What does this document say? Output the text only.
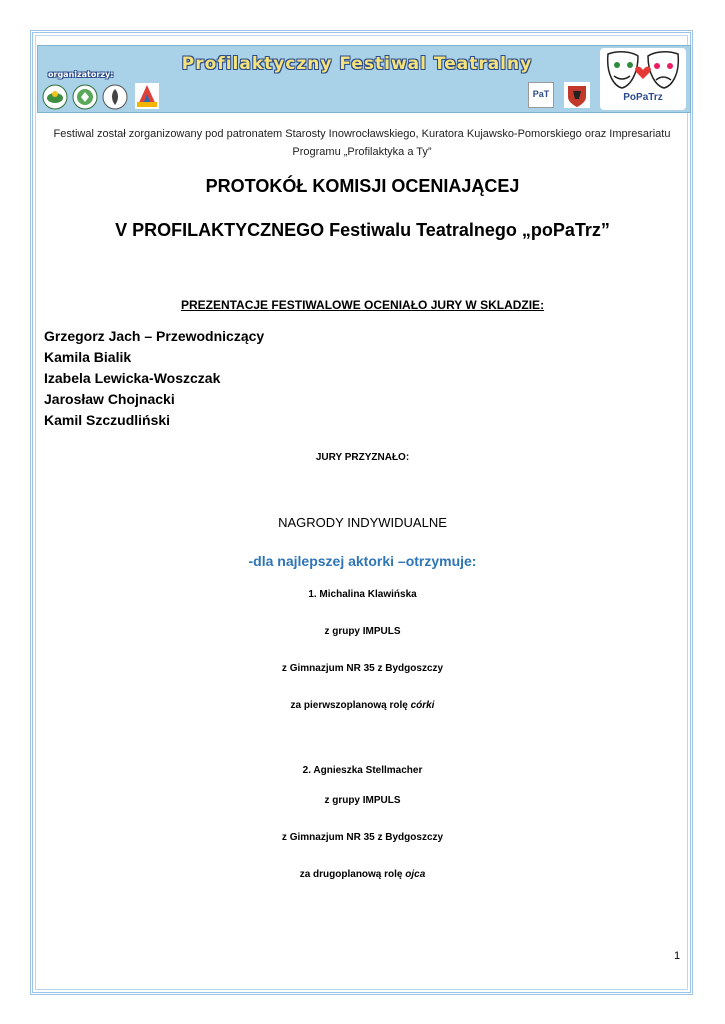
Profilaktyczny Festiwal Teatralny
organizatorzy:
PaT	PoPaTrz
Festiwal został zorganizowany pod patronatem Starosty Inowrocławskiego, Kuratora Kujawsko-Pomorskiego oraz Impresariatu Programu „Profilaktyka a Ty”
PROTOKÓŁ KOMISJI OCENIAJĄCEJ
V PROFILAKTYCZNEGO Festiwalu Teatralnego „poPaTrz”
PREZENTACJE FESTIWALOWE OCENIAŁO JURY W SKLADZIE:
Grzegorz Jach – Przewodniczący
Kamila Bialik
Izabela Lewicka-Woszczak
Jarosław Chojnacki
Kamil Szczudliński
JURY PRZYZNAŁO:
NAGRODY INDYWIDUALNE
-dla najlepszej aktorki –otrzymuje:
1. Michalina Klawińska
z grupy IMPULS
z Gimnazjum NR 35 z Bydgoszczy
za pierwszoplanową rolę córki
2. Agnieszka Stellmacher
z grupy IMPULS
z Gimnazjum NR 35 z Bydgoszczy
za drugoplanową rolę ojca
1
